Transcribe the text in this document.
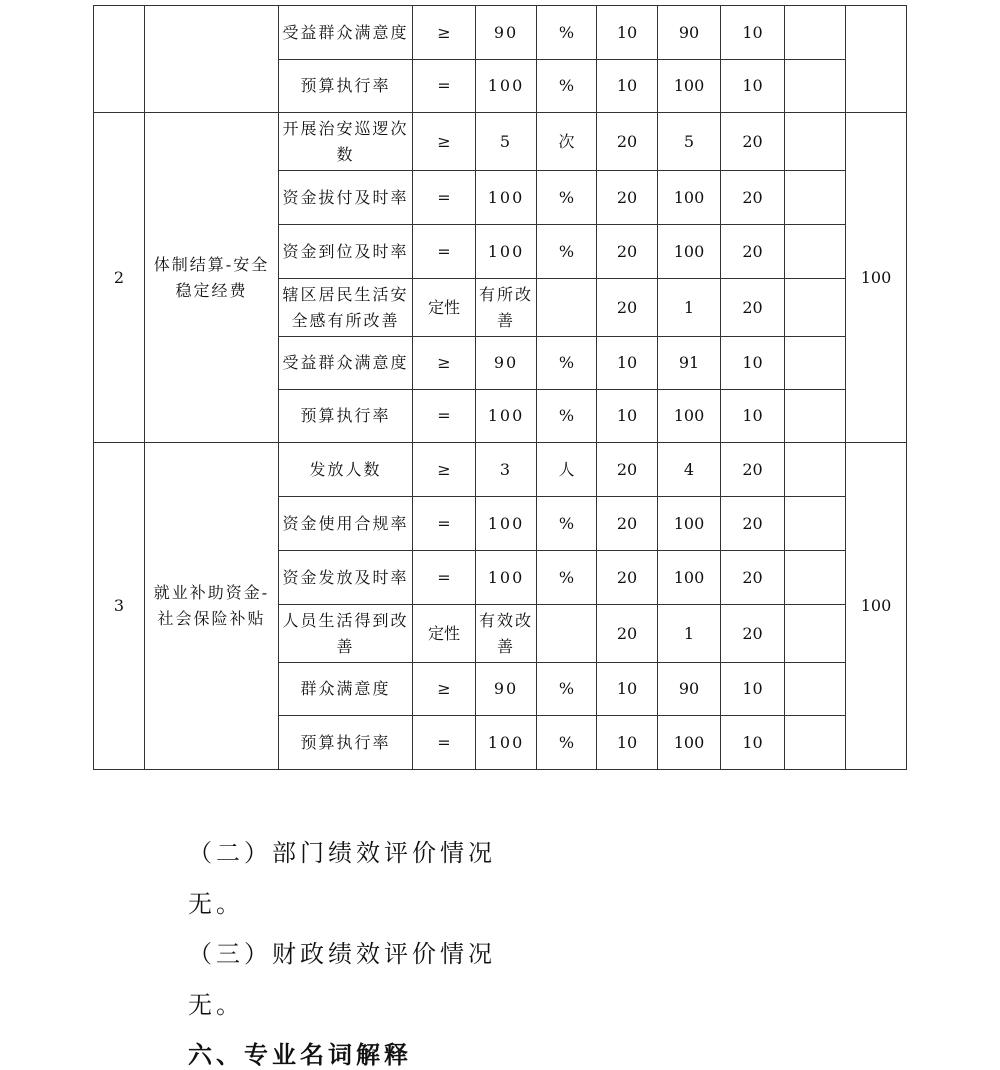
		受益群众满意度	≥	90	%	10	90	10		
		预算执行率	=	100	%	10	100	10		
2	体制结算-安全稳定经费	开展治安巡逻次数	≥	5	次	20	5	20		100
		资金拔付及时率	=	100	%	20	100	20		
		资金到位及时率	=	100	%	20	100	20		
		辖区居民生活安全感有所改善	定性	有所改善		20	1	20		
		受益群众满意度	≥	90	%	10	91	10		
		预算执行率	=	100	%	10	100	10		
3	就业补助资金-社会保险补贴	发放人数	≥	3	人	20	4	20		100
		资金使用合规率	=	100	%	20	100	20		
		资金发放及时率	=	100	%	20	100	20		
		人员生活得到改善	定性	有效改善		20	1	20		
		群众满意度	≥	90	%	10	90	10		
		预算执行率	=	100	%	10	100	10		
（二）部门绩效评价情况
无。
（三）财政绩效评价情况
无。
六、专业名词解释
